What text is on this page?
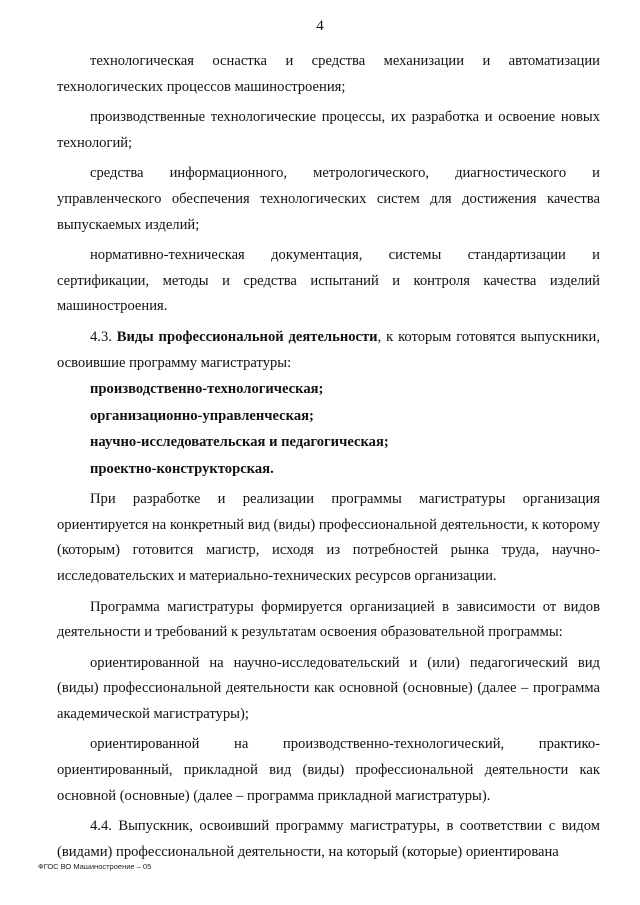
4

технологическая оснастка и средства механизации и автоматизации технологических процессов машиностроения;

производственные технологические процессы, их разработка и освоение новых технологий;

средства информационного, метрологического, диагностического и управленческого обеспечения технологических систем для достижения качества выпускаемых изделий;

нормативно-техническая документация, системы стандартизации и сертификации, методы и средства испытаний и контроля качества изделий машиностроения.

4.3. Виды профессиональной деятельности, к которым готовятся выпускники, освоившие программу магистратуры:

производственно-технологическая;

организационно-управленческая;

научно-исследовательская и педагогическая;

проектно-конструкторская.

При разработке и реализации программы магистратуры организация ориентируется на конкретный вид (виды) профессиональной деятельности, к которому (которым) готовится магистр, исходя из потребностей рынка труда, научно-исследовательских и материально-технических ресурсов организации.

Программа магистратуры формируется организацией в зависимости от видов деятельности и требований к результатам освоения образовательной программы:

ориентированной на научно-исследовательский и (или) педагогический вид (виды) профессиональной деятельности как основной (основные) (далее – программа академической магистратуры);

ориентированной на производственно-технологический, практико-ориентированный, прикладной вид (виды) профессиональной деятельности как основной (основные) (далее – программа прикладной магистратуры).

4.4. Выпускник, освоивший программу магистратуры, в соответствии с видом (видами) профессиональной деятельности, на который (которые) ориентирована

ФГОС ВО Машиностроение – 05
